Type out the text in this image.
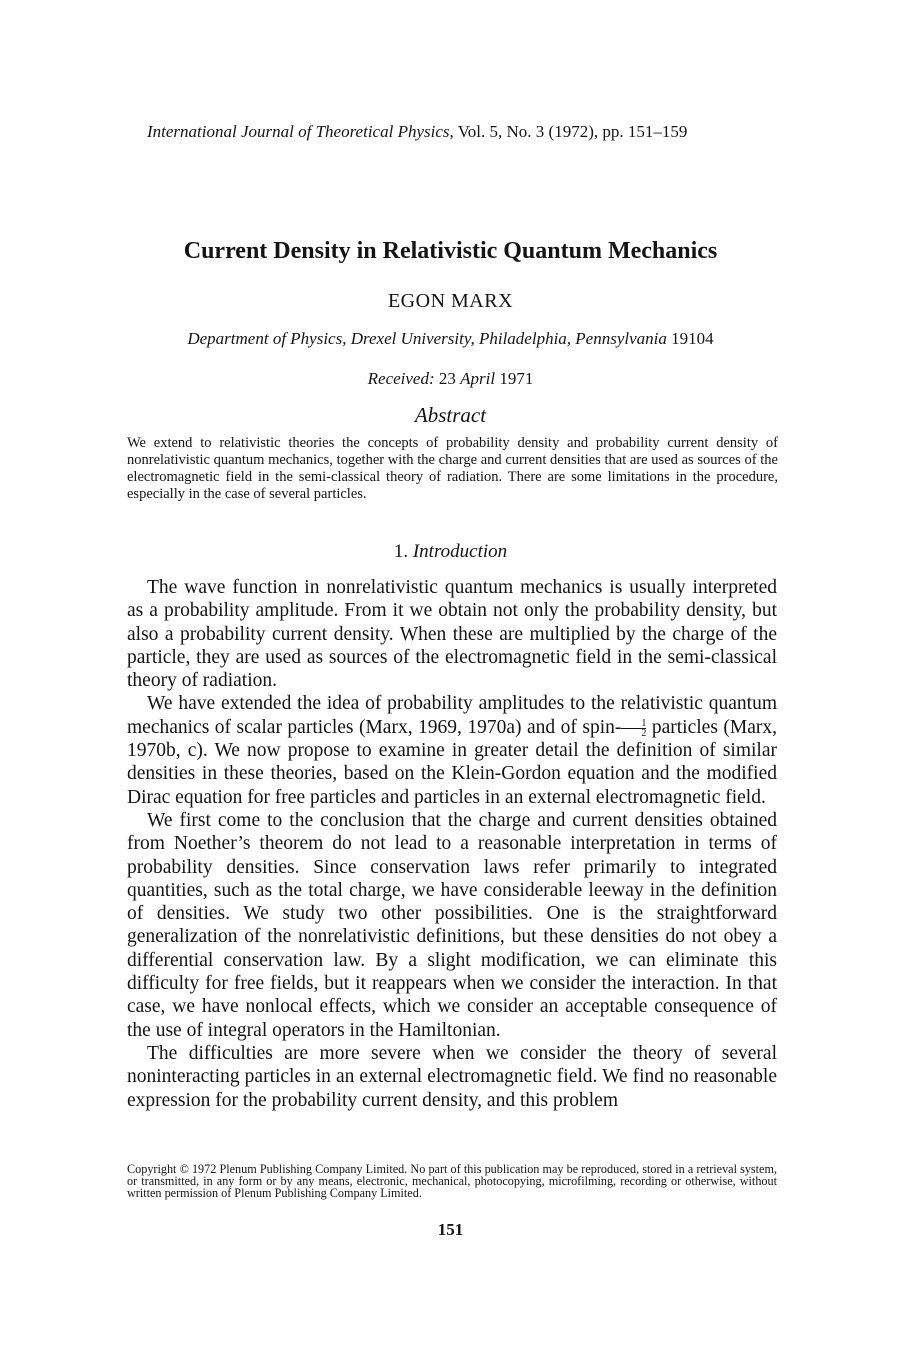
International Journal of Theoretical Physics, Vol. 5, No. 3 (1972), pp. 151–159
Current Density in Relativistic Quantum Mechanics
EGON MARX
Department of Physics, Drexel University, Philadelphia, Pennsylvania 19104
Received: 23 April 1971
Abstract
We extend to relativistic theories the concepts of probability density and probability current density of nonrelativistic quantum mechanics, together with the charge and current densities that are used as sources of the electromagnetic field in the semi-classical theory of radiation. There are some limitations in the procedure, especially in the case of several particles.
1. Introduction

The wave function in nonrelativistic quantum mechanics is usually interpreted as a probability amplitude. From it we obtain not only the probability density, but also a probability current density. When these are multiplied by the charge of the particle, they are used as sources of the electromagnetic field in the semi-classical theory of radiation.

We have extended the idea of probability amplitudes to the relativistic quantum mechanics of scalar particles (Marx, 1969, 1970a) and of spin- $\frac{1}{2}$ particles (Marx, 1970b, c). We now propose to examine in greater detail the definition of similar densities in these theories, based on the Klein-Gordon equation and the modified Dirac equation for free particles and particles in an external electromagnetic field.

We first come to the conclusion that the charge and current densities obtained from Noether’s theorem do not lead to a reasonable interpretation in terms of probability densities. Since conservation laws refer primarily to integrated quantities, such as the total charge, we have considerable leeway in the definition of densities. We study two other possibilities. One is the straightforward generalization of the nonrelativistic definitions, but these densities do not obey a differential conservation law. By a slight modification, we can eliminate this difficulty for free fields, but it reappears when we consider the interaction. In that case, we have nonlocal effects, which we consider an acceptable consequence of the use of integral operators in the Hamiltonian.

The difficulties are more severe when we consider the theory of several noninteracting particles in an external electromagnetic field. We find no reasonable expression for the probability current density, and this problem

Copyright © 1972 Plenum Publishing Company Limited. No part of this publication may be reproduced, stored in a retrieval system, or transmitted, in any form or by any means, electronic, mechanical, photocopying, microfilming, recording or otherwise, without written permission of Plenum Publishing Company Limited.
151
